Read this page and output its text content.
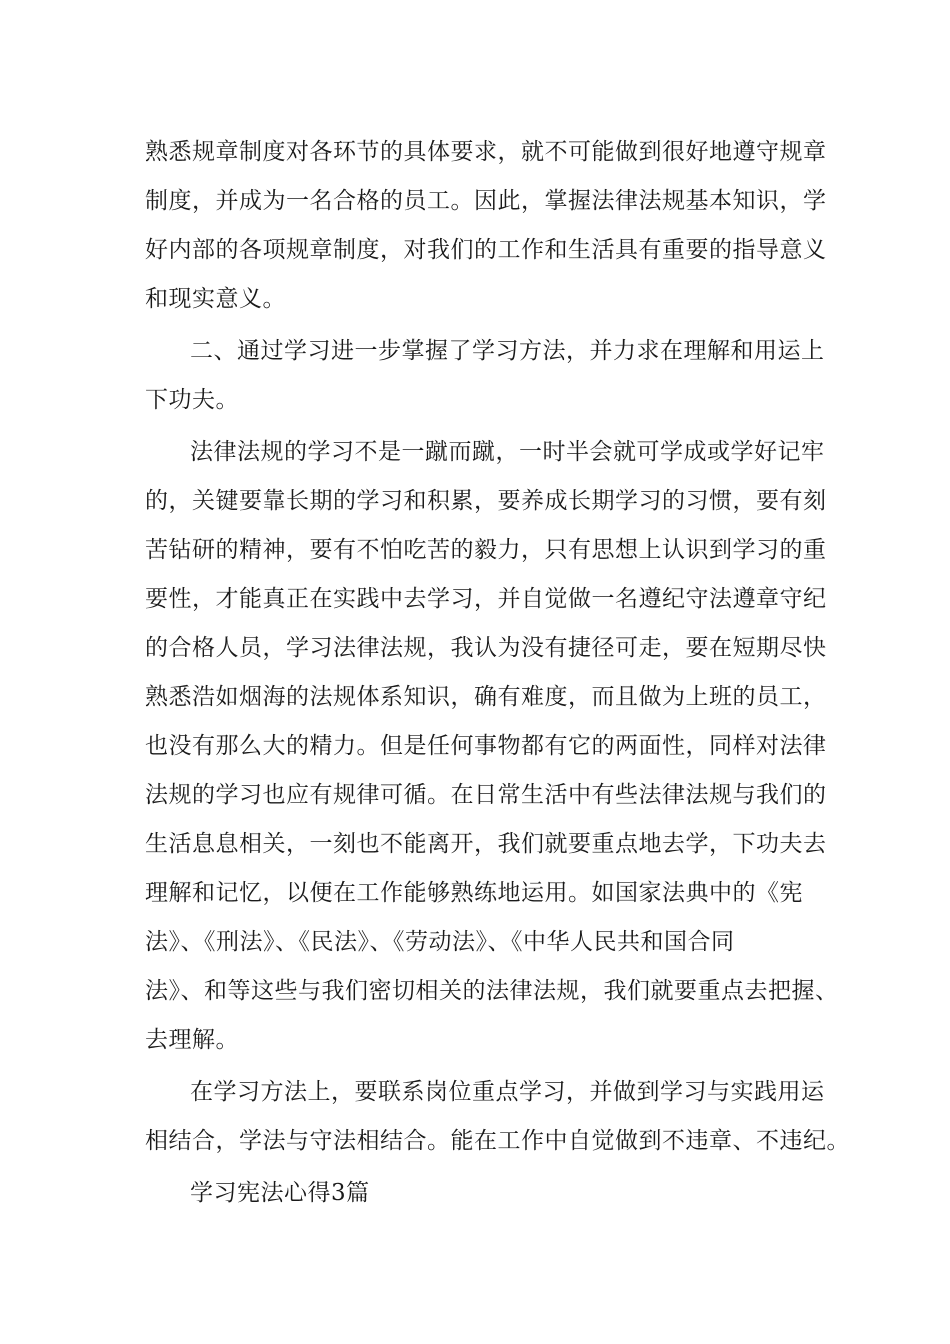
熟悉规章制度对各环节的具体要求，就不可能做到很好地遵守规章
制度，并成为一名合格的员工。因此，掌握法律法规基本知识，学
好内部的各项规章制度，对我们的工作和生活具有重要的指导意义
和现实意义。
二、通过学习进一步掌握了学习方法，并力求在理解和用运上
下功夫。
法律法规的学习不是一蹴而蹴，一时半会就可学成或学好记牢
的，关键要靠长期的学习和积累，要养成长期学习的习惯，要有刻
苦钻研的精神，要有不怕吃苦的毅力，只有思想上认识到学习的重
要性，才能真正在实践中去学习，并自觉做一名遵纪守法遵章守纪
的合格人员，学习法律法规，我认为没有捷径可走，要在短期尽快
熟悉浩如烟海的法规体系知识，确有难度，而且做为上班的员工，
也没有那么大的精力。但是任何事物都有它的两面性，同样对法律
法规的学习也应有规律可循。在日常生活中有些法律法规与我们的
生活息息相关，一刻也不能离开，我们就要重点地去学，下功夫去
理解和记忆，以便在工作能够熟练地运用。如国家法典中的《宪
法》、《刑法》、《民法》、《劳动法》、《中华人民共和国合同
法》、和等这些与我们密切相关的法律法规，我们就要重点去把握、
去理解。
在学习方法上，要联系岗位重点学习，并做到学习与实践用运
相结合，学法与守法相结合。能在工作中自觉做到不违章、不违纪。
学习宪法心得3篇
